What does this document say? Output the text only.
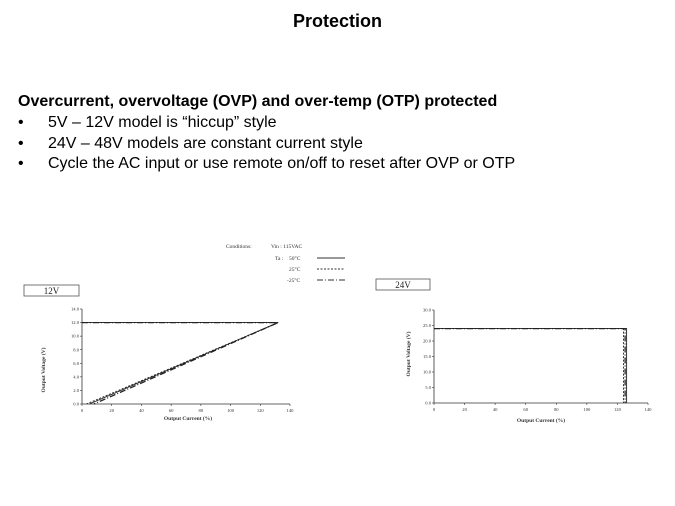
Protection
Overcurrent, overvoltage (OVP) and over-temp (OTP) protected
• 5V – 12V model is “hiccup” style
• 24V – 48V models are constant current style
• Cycle the AC input or use remote on/off to reset after OVP or OTP
Conditions:	Vin : 115VAC
Ta : 50°C
25°C
-25°C
12V
Output Voltage (V)
Output Current (%)
0	20	40	60	80	100	120	140
0.0
2.0
4.0
6.0
8.0
10.0
12.0
14.0
24V
Output Voltage (V)
Output Current (%)
0	20	40	60	80	100	120	140
0.0
5.0
10.0
15.0
20.0
25.0
30.0
